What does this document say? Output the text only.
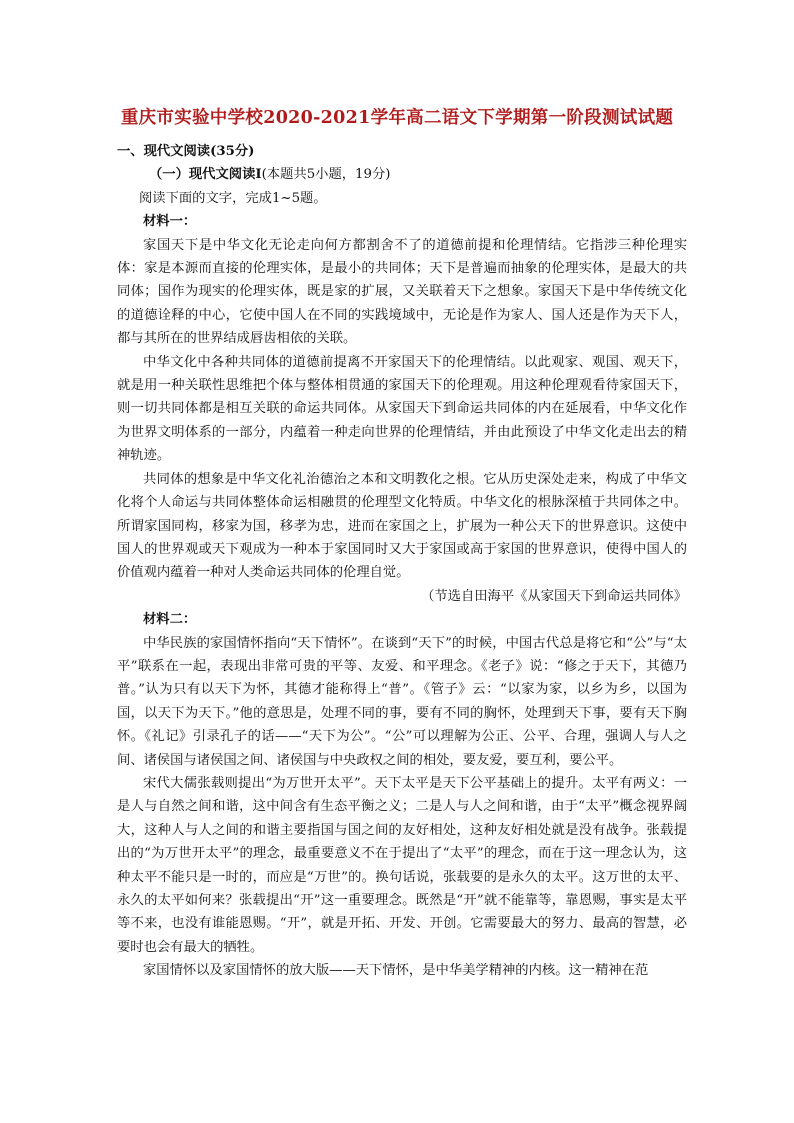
重庆市实验中学校2020-2021学年高二语文下学期第一阶段测试试题

一、现代文阅读(35分)

（一）现代文阅读Ⅰ(本题共5小题，19分)

阅读下面的文字，完成1~5题。

材料一：

家国天下是中华文化无论走向何方都割舍不了的道德前提和伦理情结。它指涉三种伦理实体：家是本源而直接的伦理实体，是最小的共同体；天下是普遍而抽象的伦理实体，是最大的共同体；国作为现实的伦理实体，既是家的扩展，又关联着天下之想象。家国天下是中华传统文化的道德诠释的中心，它使中国人在不同的实践境域中，无论是作为家人、国人还是作为天下人，都与其所在的世界结成唇齿相依的关联。

中华文化中各种共同体的道德前提离不开家国天下的伦理情结。以此观家、观国、观天下，就是用一种关联性思维把个体与整体相贯通的家国天下的伦理观。用这种伦理观看待家国天下，则一切共同体都是相互关联的命运共同体。从家国天下到命运共同体的内在延展看，中华文化作为世界文明体系的一部分，内蕴着一种走向世界的伦理情结，并由此预设了中华文化走出去的精神轨迹。

共同体的想象是中华文化礼治德治之本和文明教化之根。它从历史深处走来，构成了中华文化将个人命运与共同体整体命运相融贯的伦理型文化特质。中华文化的根脉深植于共同体之中。所谓家国同构，移家为国，移孝为忠，进而在家国之上，扩展为一种公天下的世界意识。这使中国人的世界观或天下观成为一种本于家国同时又大于家国或高于家国的世界意识，使得中国人的价值观内蕴着一种对人类命运共同体的伦理自觉。

（节选自田海平《从家国天下到命运共同体》

材料二：

中华民族的家国情怀指向“天下情怀”。在谈到“天下”的时候，中国古代总是将它和“公”与“太平”联系在一起，表现出非常可贵的平等、友爱、和平理念。《老子》说：“修之于天下，其德乃普。”认为只有以天下为怀，其德才能称得上“普”。《管子》云：“以家为家，以乡为乡，以国为国，以天下为天下。”他的意思是，处理不同的事，要有不同的胸怀，处理到天下事，要有天下胸怀。《礼记》引录孔子的话——“天下为公”。“公”可以理解为公正、公平、合理，强调人与人之间、诸侯国与诸侯国之间、诸侯国与中央政权之间的相处，要友爱，要互利，要公平。

宋代大儒张载则提出“为万世开太平”。天下太平是天下公平基础上的提升。太平有两义：一是人与自然之间和谐，这中间含有生态平衡之义；二是人与人之间和谐，由于“太平”概念视界阔大，这种人与人之间的和谐主要指国与国之间的友好相处，这种友好相处就是没有战争。张载提出的“为万世开太平”的理念，最重要意义不在于提出了“太平”的理念，而在于这一理念认为，这种太平不能只是一时的，而应是“万世”的。换句话说，张载要的是永久的太平。这万世的太平、永久的太平如何来？张载提出“开”这一重要理念。既然是“开”就不能靠等，靠恩赐，事实是太平等不来，也没有谁能恩赐。“开”，就是开拓、开发、开创。它需要最大的努力、最高的智慧，必要时也会有最大的牺牲。

家国情怀以及家国情怀的放大版——天下情怀，是中华美学精神的内核。这一精神在范
